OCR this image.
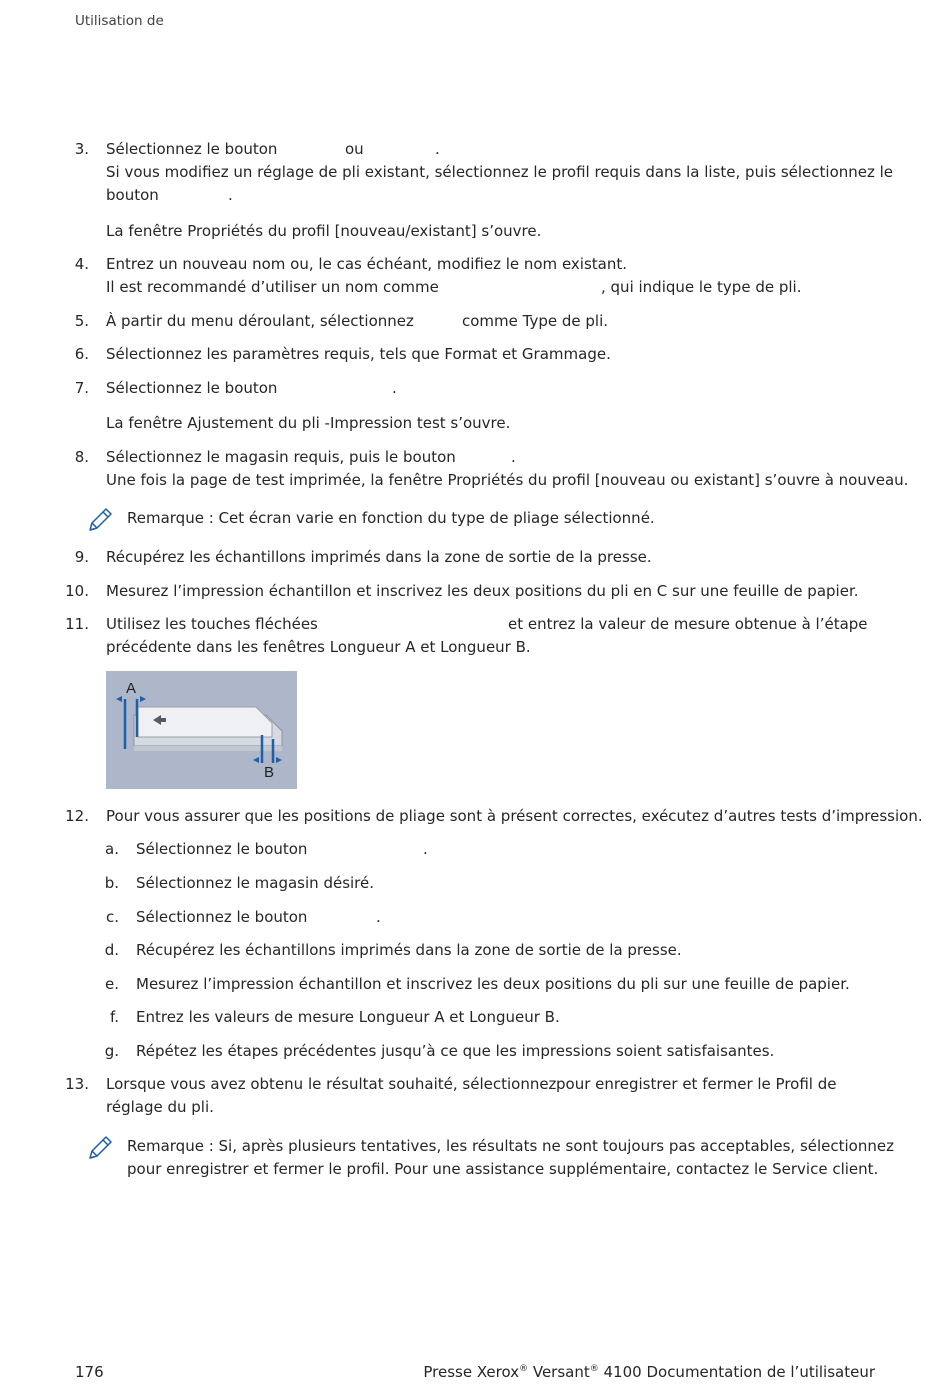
Utilisation de
3. Sélectionnez le bouton	ou	.
Si vous modifiez un réglage de pli existant, sélectionnez le profil requis dans la liste, puis sélectionnez le
bouton	.
La fenêtre Propriétés du profil [nouveau/existant] s’ouvre.
4. Entrez un nouveau nom ou, le cas échéant, modifiez le nom existant.
Il est recommandé d’utiliser un nom comme	, qui indique le type de pli.
5. À partir du menu déroulant, sélectionnez	comme Type de pli.
6. Sélectionnez les paramètres requis, tels que Format et Grammage.
7. Sélectionnez le bouton	.
La fenêtre Ajustement du pli -Impression test s’ouvre.
8. Sélectionnez le magasin requis, puis le bouton	.
Une fois la page de test imprimée, la fenêtre Propriétés du profil [nouveau ou existant] s’ouvre à nouveau.
Remarque : Cet écran varie en fonction du type de pliage sélectionné.
9. Récupérez les échantillons imprimés dans la zone de sortie de la presse.
10. Mesurez l’impression échantillon et inscrivez les deux positions du pli en C sur une feuille de papier.
11. Utilisez les touches fléchées	et entrez la valeur de mesure obtenue à l’étape
précédente dans les fenêtres Longueur A et Longueur B.
A
B
12. Pour vous assurer que les positions de pliage sont à présent correctes, exécutez d’autres tests d’impression.
a. Sélectionnez le bouton	.
b. Sélectionnez le magasin désiré.
c. Sélectionnez le bouton	.
d. Récupérez les échantillons imprimés dans la zone de sortie de la presse.
e. Mesurez l’impression échantillon et inscrivez les deux positions du pli sur une feuille de papier.
f. Entrez les valeurs de mesure Longueur A et Longueur B.
g. Répétez les étapes précédentes jusqu’à ce que les impressions soient satisfaisantes.
13. Lorsque vous avez obtenu le résultat souhaité, sélectionnez pour enregistrer et fermer le Profil de
réglage du pli.
Remarque : Si, après plusieurs tentatives, les résultats ne sont toujours pas acceptables, sélectionnez
pour enregistrer et fermer le profil. Pour une assistance supplémentaire, contactez le Service client.
176	Presse Xerox® Versant® 4100 Documentation de l’utilisateur
